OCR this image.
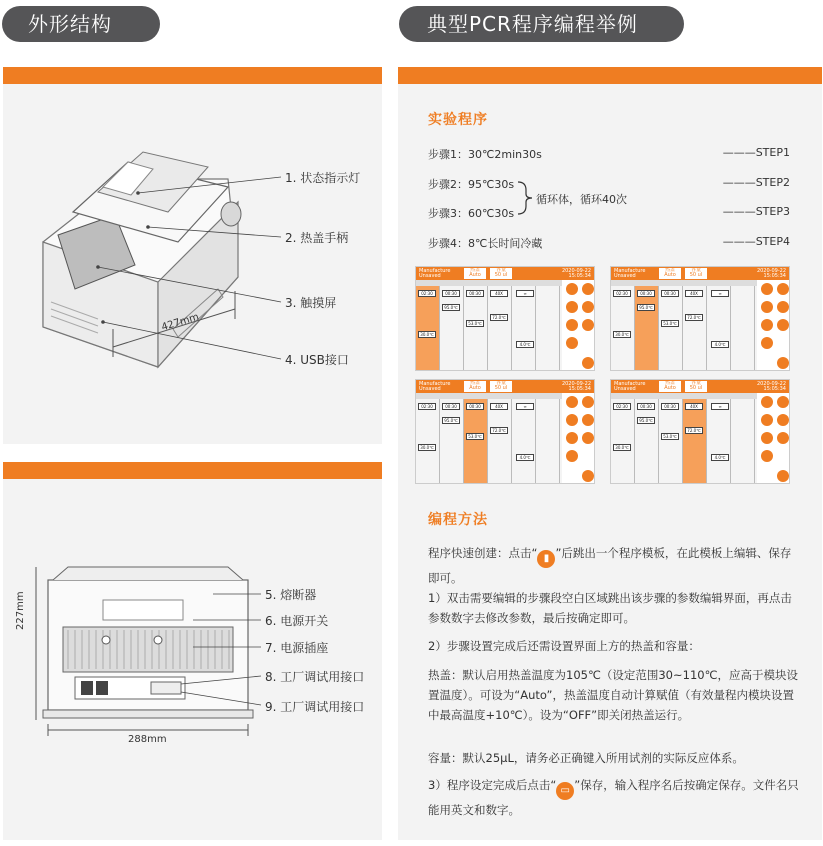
外形结构	典型PCR程序编程举例
1. 状态指示灯
2. 热盖手柄
3. 触摸屏
4. USB接口
427mm
5. 熔断器
6. 电源开关
7. 电源插座
8. 工厂调试用接口
9. 工厂调试用接口
227mm
288mm
实验程序
步骤1：30℃2min30s	———STEP1
步骤2：95℃30s	———STEP2
循环体，循环40次
步骤3：60℃30s	———STEP3
步骤4：8℃长时间冷藏	———STEP4
Manufacture
Unsaved
热盖
Auto
容量
50 ul
2020-09-22
15:05:34
02:30	00:30	00:30	40X	∞
95.0℃
72.0℃
53.0℃
30.0℃
4.0℃
Manufacture
Unsaved
热盖
Auto
容量
50 ul
2020-09-22
15:05:34
02:30	00:30	00:30	40X	∞
95.0℃
72.0℃
53.0℃
30.0℃
4.0℃
Manufacture
Unsaved
热盖
Auto
容量
50 ul
2020-09-22
15:05:34
02:30	00:30	00:30	40X	∞
95.0℃
72.0℃
53.0℃
30.0℃
4.0℃
Manufacture
Unsaved
热盖
Auto
容量
50 ul
2020-09-22
15:05:34
02:30	00:30	00:30	40X	∞
95.0℃
72.0℃
53.0℃
30.0℃
4.0℃
编程方法
程序快速创建：点击“ ▮ ”后跳出一个程序模板，在此模板上编辑、保存即可。
1）双击需要编辑的步骤段空白区域跳出该步骤的参数编辑界面，再点击参数数字去修改参数，最后按确定即可。
2）步骤设置完成后还需设置界面上方的热盖和容量：
热盖：默认启用热盖温度为105℃（设定范围30~110℃，应高于模块设置温度）。可设为“Auto”，热盖温度自动计算赋值（有效量程内模块设置中最高温度+10℃）。设为“OFF”即关闭热盖运行。
容量：默认25μL，请务必正确键入所用试剂的实际反应体系。
3）程序设定完成后点击“ ▭ ”保存，输入程序名后按确定保存。文件名只能用英文和数字。
